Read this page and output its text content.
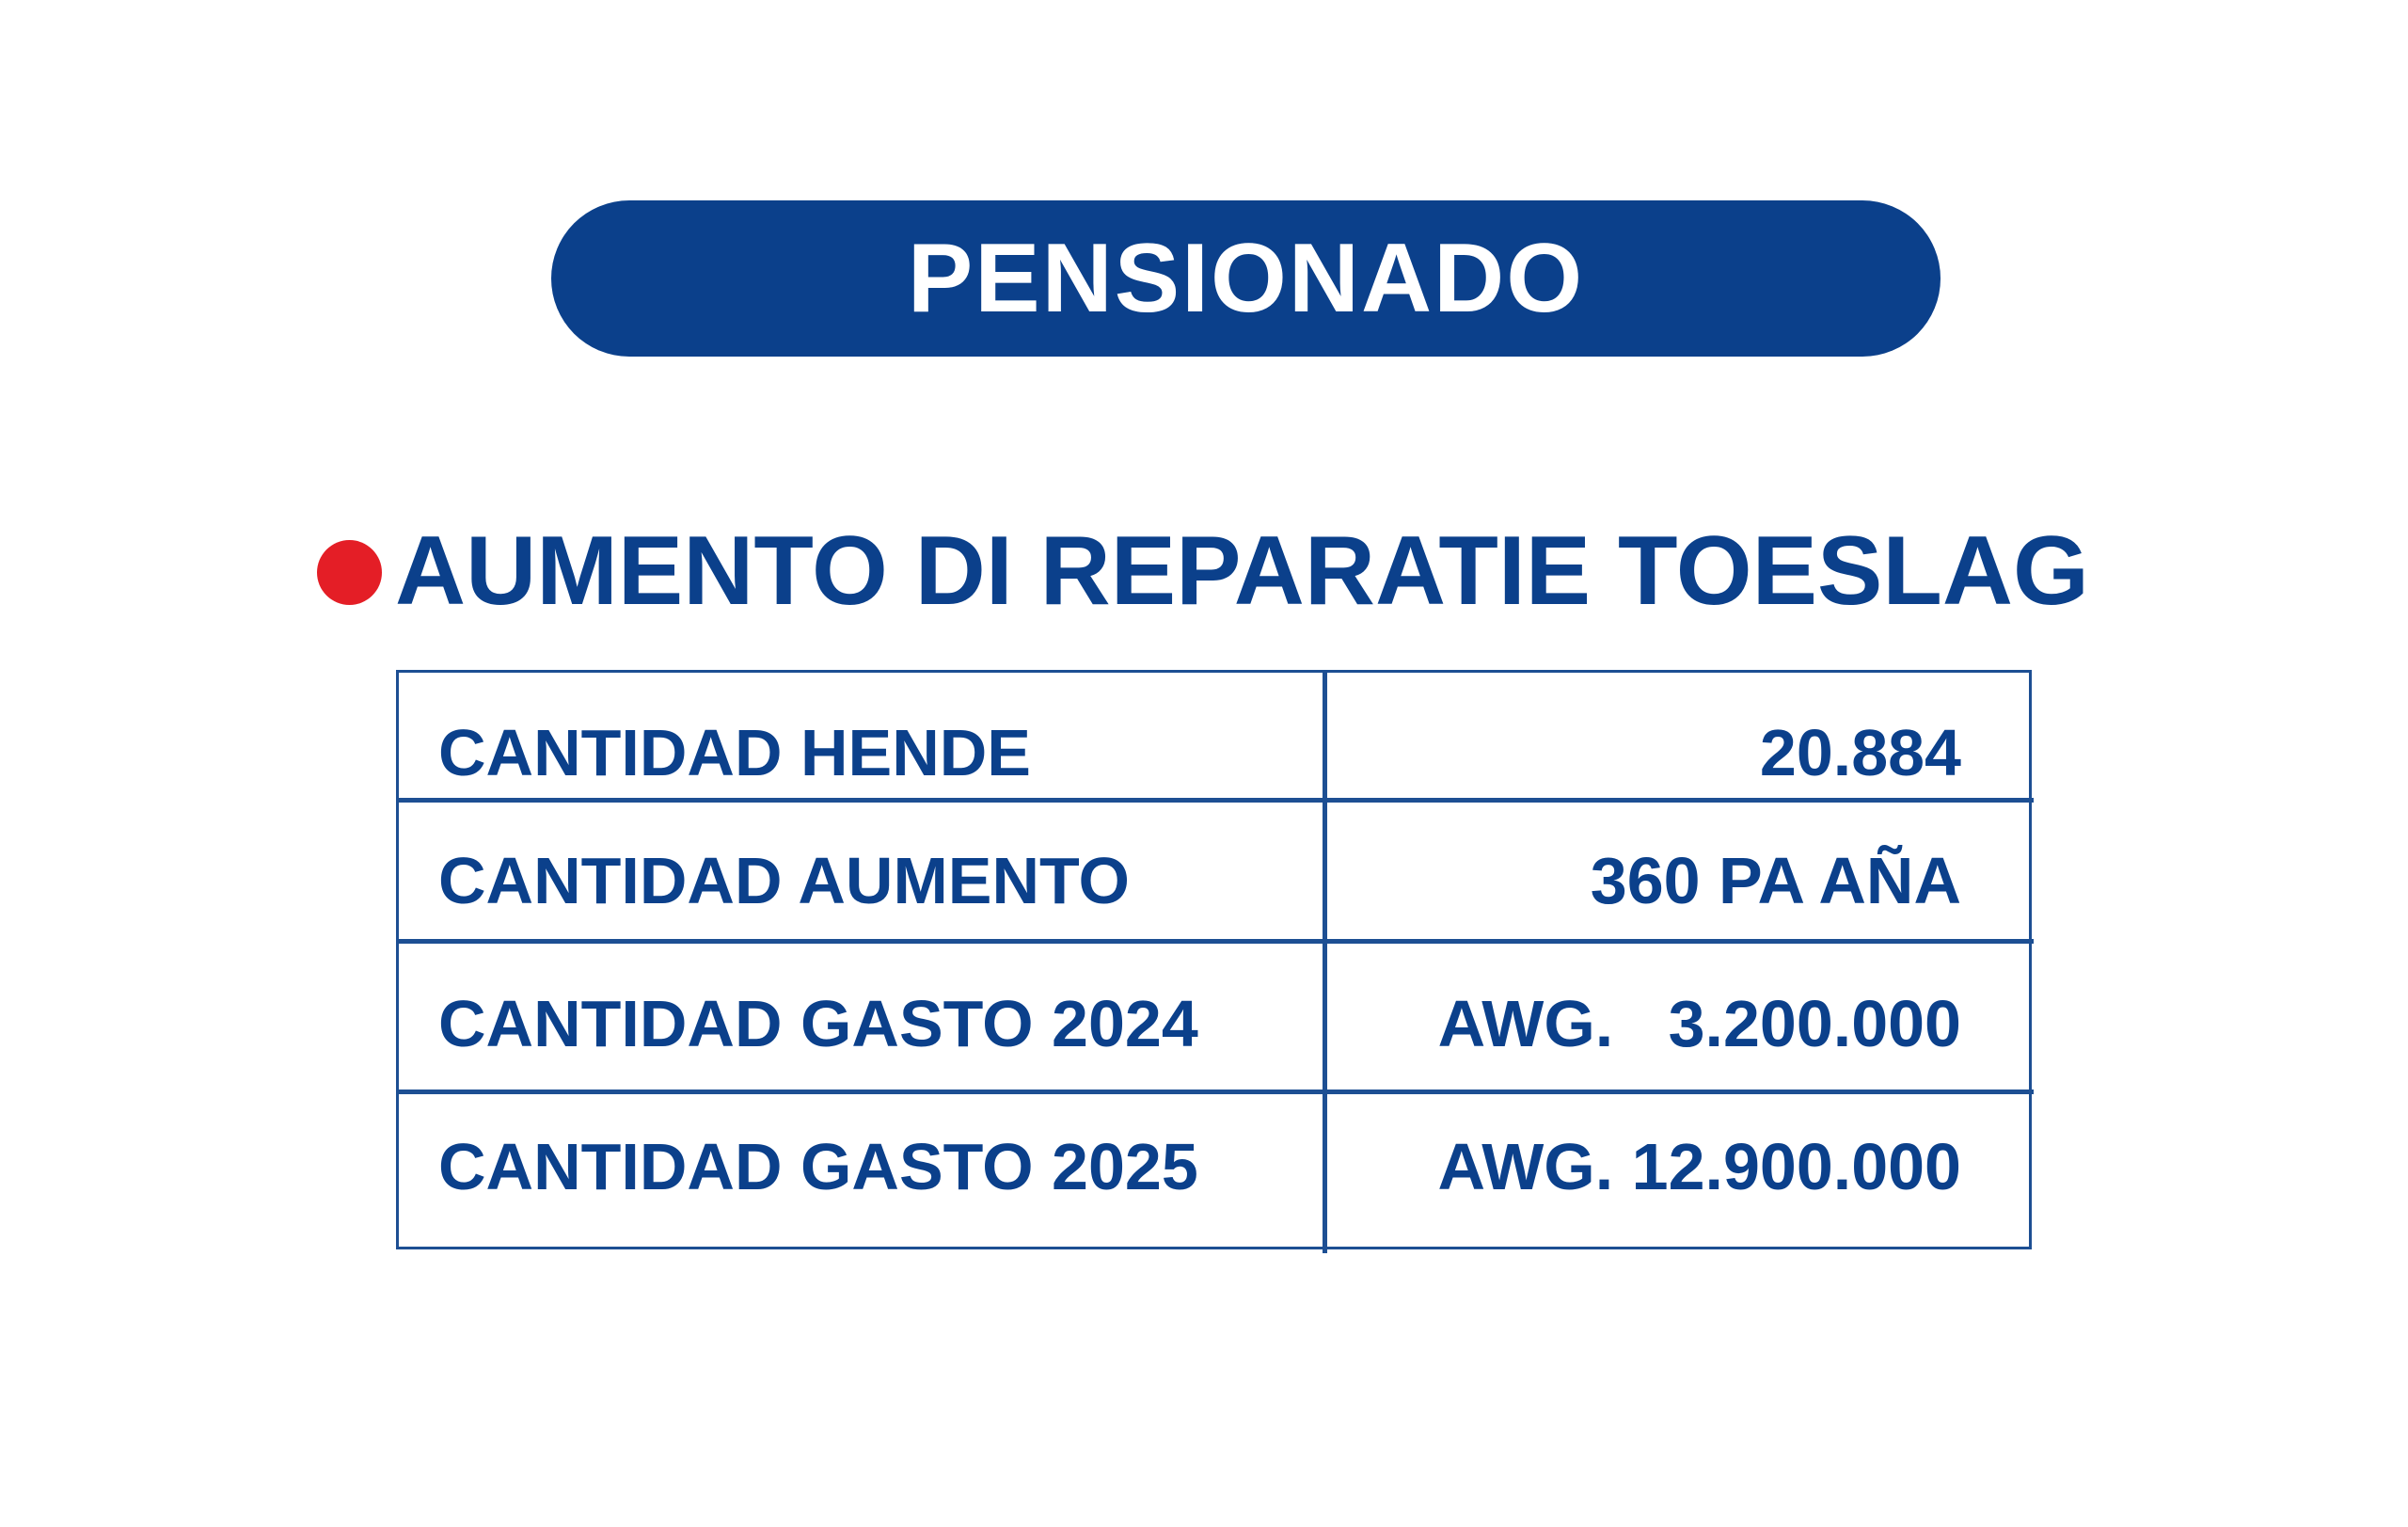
PENSIONADO
AUMENTO DI REPARATIE TOESLAG
CANTIDAD HENDE	20.884
CANTIDAD AUMENTO	360 PA AÑA
CANTIDAD GASTO 2024	AWG.   3.200.000
CANTIDAD GASTO 2025	AWG. 12.900.000
